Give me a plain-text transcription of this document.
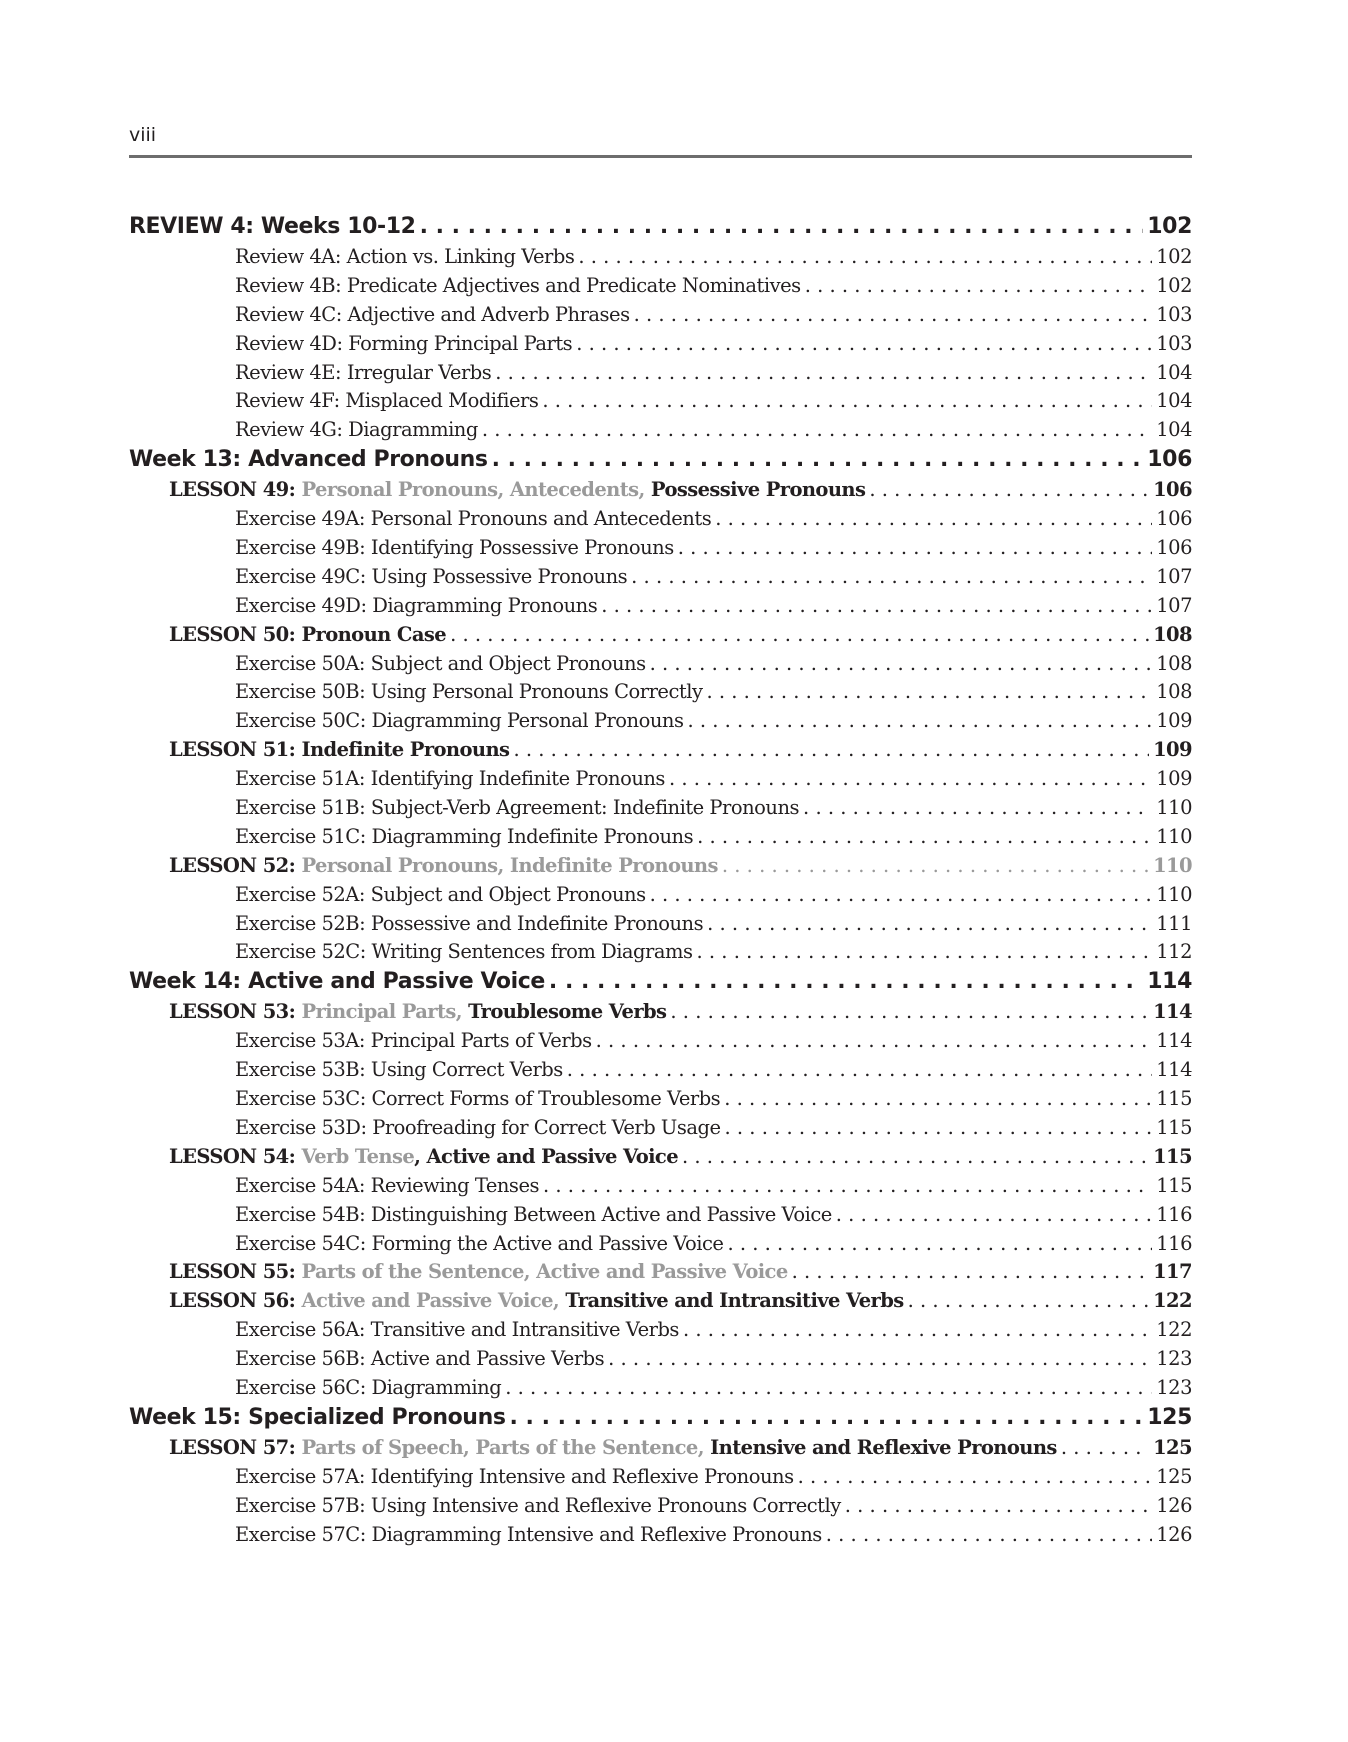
viii
REVIEW 4: Weeks 10-12 . . .	102
Review 4A: Action vs. Linking Verbs . . .	102
Review 4B: Predicate Adjectives and Predicate Nominatives . . .	102
Review 4C: Adjective and Adverb Phrases . . .	103
Review 4D: Forming Principal Parts . . .	103
Review 4E: Irregular Verbs . . .	104
Review 4F: Misplaced Modifiers . . .	104
Review 4G: Diagramming . . .	104
Week 13: Advanced Pronouns . . .	106
LESSON 49: Personal Pronouns, Antecedents, Possessive Pronouns . . .	106
Exercise 49A: Personal Pronouns and Antecedents . . .	106
Exercise 49B: Identifying Possessive Pronouns . . .	106
Exercise 49C: Using Possessive Pronouns . . .	107
Exercise 49D: Diagramming Pronouns . . .	107
LESSON 50: Pronoun Case . . .	108
Exercise 50A: Subject and Object Pronouns . . .	108
Exercise 50B: Using Personal Pronouns Correctly . . .	108
Exercise 50C: Diagramming Personal Pronouns . . .	109
LESSON 51: Indefinite Pronouns . . .	109
Exercise 51A: Identifying Indefinite Pronouns . . .	109
Exercise 51B: Subject-Verb Agreement: Indefinite Pronouns . . .	110
Exercise 51C: Diagramming Indefinite Pronouns . . .	110
LESSON 52: Personal Pronouns, Indefinite Pronouns . . .	110
Exercise 52A: Subject and Object Pronouns . . .	110
Exercise 52B: Possessive and Indefinite Pronouns . . .	111
Exercise 52C: Writing Sentences from Diagrams . . .	112
Week 14: Active and Passive Voice . . .	114
LESSON 53: Principal Parts, Troublesome Verbs . . .	114
Exercise 53A: Principal Parts of Verbs . . .	114
Exercise 53B: Using Correct Verbs . . .	114
Exercise 53C: Correct Forms of Troublesome Verbs . . .	115
Exercise 53D: Proofreading for Correct Verb Usage . . .	115
LESSON 54: Verb Tense, Active and Passive Voice . . .	115
Exercise 54A: Reviewing Tenses . . .	115
Exercise 54B: Distinguishing Between Active and Passive Voice . . .	116
Exercise 54C: Forming the Active and Passive Voice . . .	116
LESSON 55: Parts of the Sentence, Active and Passive Voice . . .	117
LESSON 56: Active and Passive Voice, Transitive and Intransitive Verbs . . .	122
Exercise 56A: Transitive and Intransitive Verbs . . .	122
Exercise 56B: Active and Passive Verbs . . .	123
Exercise 56C: Diagramming . . .	123
Week 15: Specialized Pronouns . . .	125
LESSON 57: Parts of Speech, Parts of the Sentence, Intensive and Reflexive Pronouns . . .	125
Exercise 57A: Identifying Intensive and Reflexive Pronouns . . .	125
Exercise 57B: Using Intensive and Reflexive Pronouns Correctly . . .	126
Exercise 57C: Diagramming Intensive and Reflexive Pronouns . . .	126
